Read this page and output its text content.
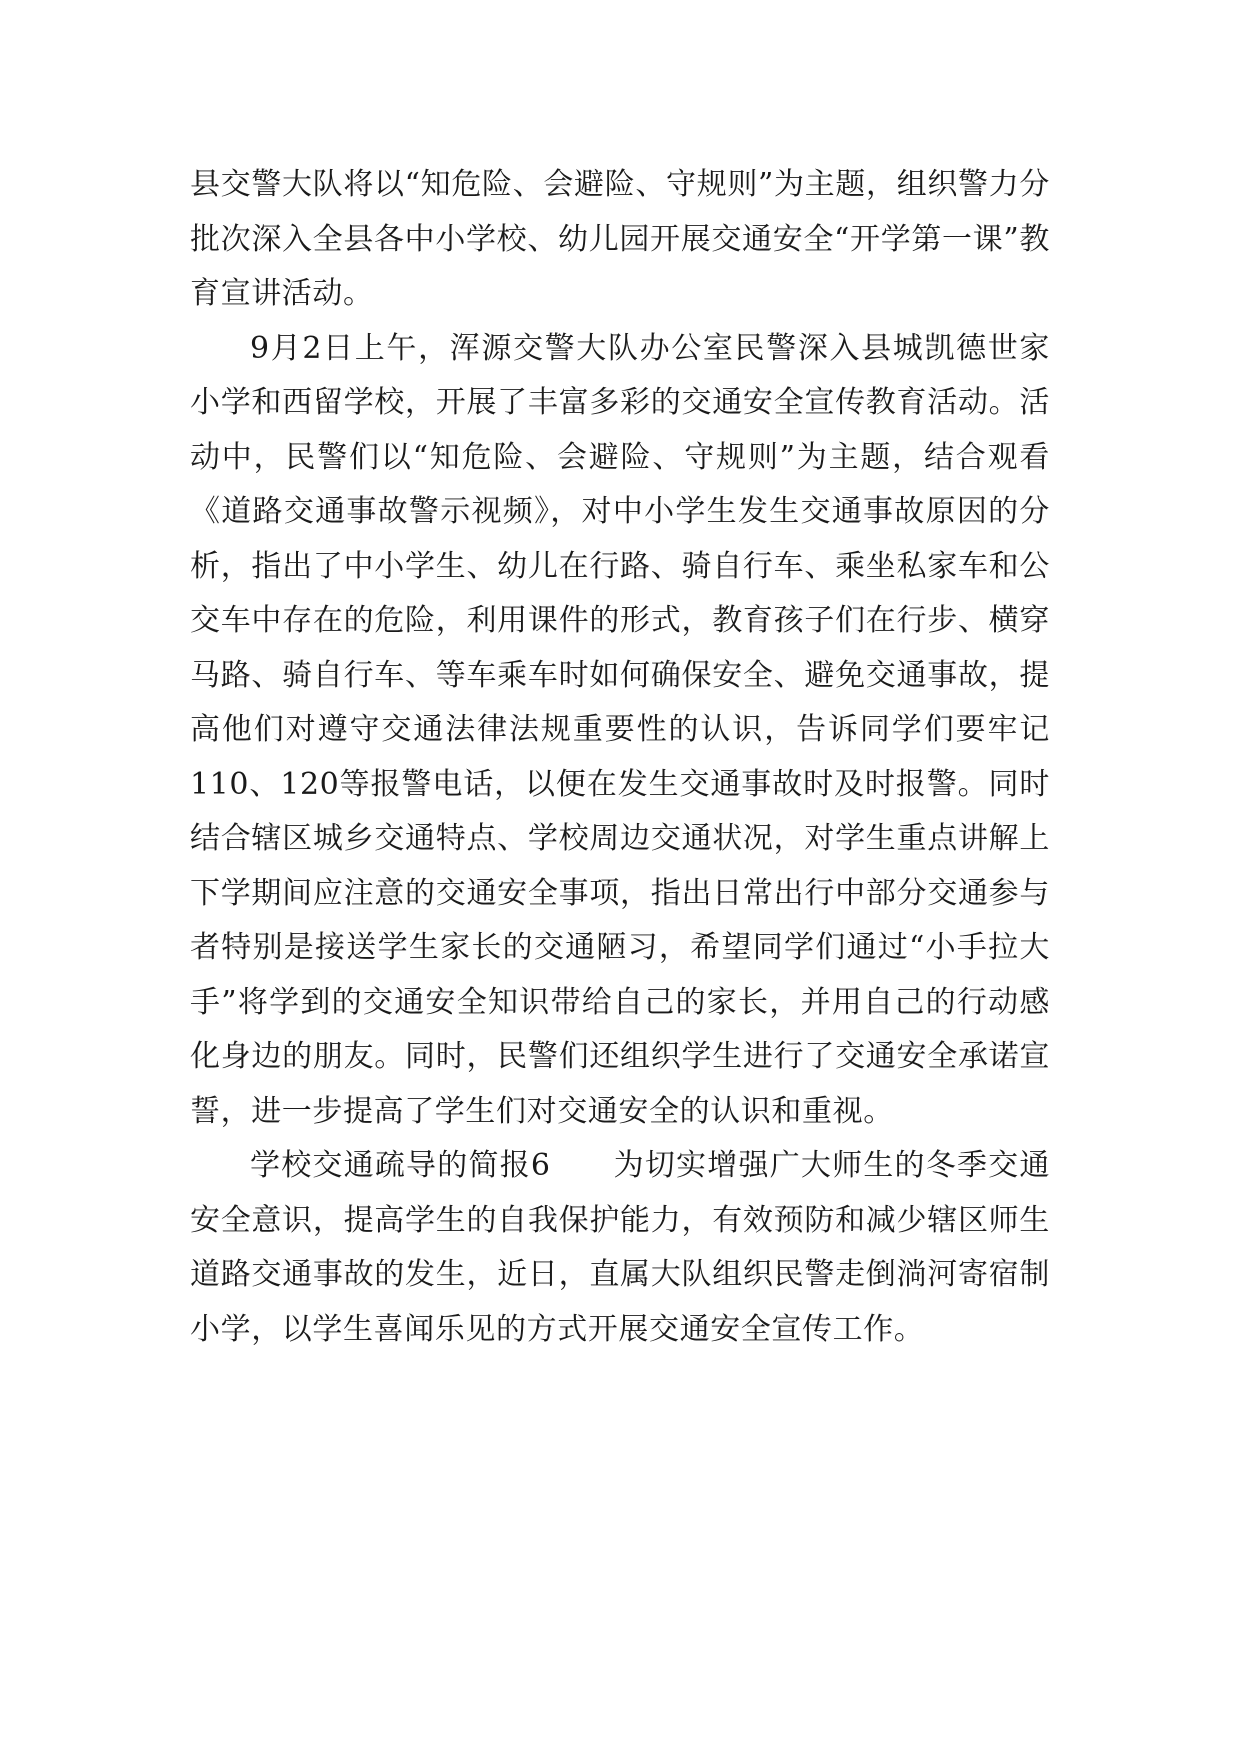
县交警大队将以“知危险、会避险、守规则”为主题，组织警力分批次深入全县各中小学校、幼儿园开展交通安全“开学第一课”教育宣讲活动。

9月2日上午，浑源交警大队办公室民警深入县城凯德世家小学和西留学校，开展了丰富多彩的交通安全宣传教育活动。活动中，民警们以“知危险、会避险、守规则”为主题，结合观看《道路交通事故警示视频》，对中小学生发生交通事故原因的分析，指出了中小学生、幼儿在行路、骑自行车、乘坐私家车和公交车中存在的危险，利用课件的形式，教育孩子们在行步、横穿马路、骑自行车、等车乘车时如何确保安全、避免交通事故，提高他们对遵守交通法律法规重要性的认识，告诉同学们要牢记110、120等报警电话，以便在发生交通事故时及时报警。同时结合辖区城乡交通特点、学校周边交通状况，对学生重点讲解上下学期间应注意的交通安全事项，指出日常出行中部分交通参与者特别是接送学生家长的交通陋习，希望同学们通过“小手拉大手”将学到的交通安全知识带给自己的家长，并用自己的行动感化身边的朋友。同时，民警们还组织学生进行了交通安全承诺宣誓，进一步提高了学生们对交通安全的认识和重视。

学校交通疏导的简报6　　为切实增强广大师生的冬季交通安全意识，提高学生的自我保护能力，有效预防和减少辖区师生道路交通事故的发生，近日，直属大队组织民警走倒淌河寄宿制小学，以学生喜闻乐见的方式开展交通安全宣传工作。
